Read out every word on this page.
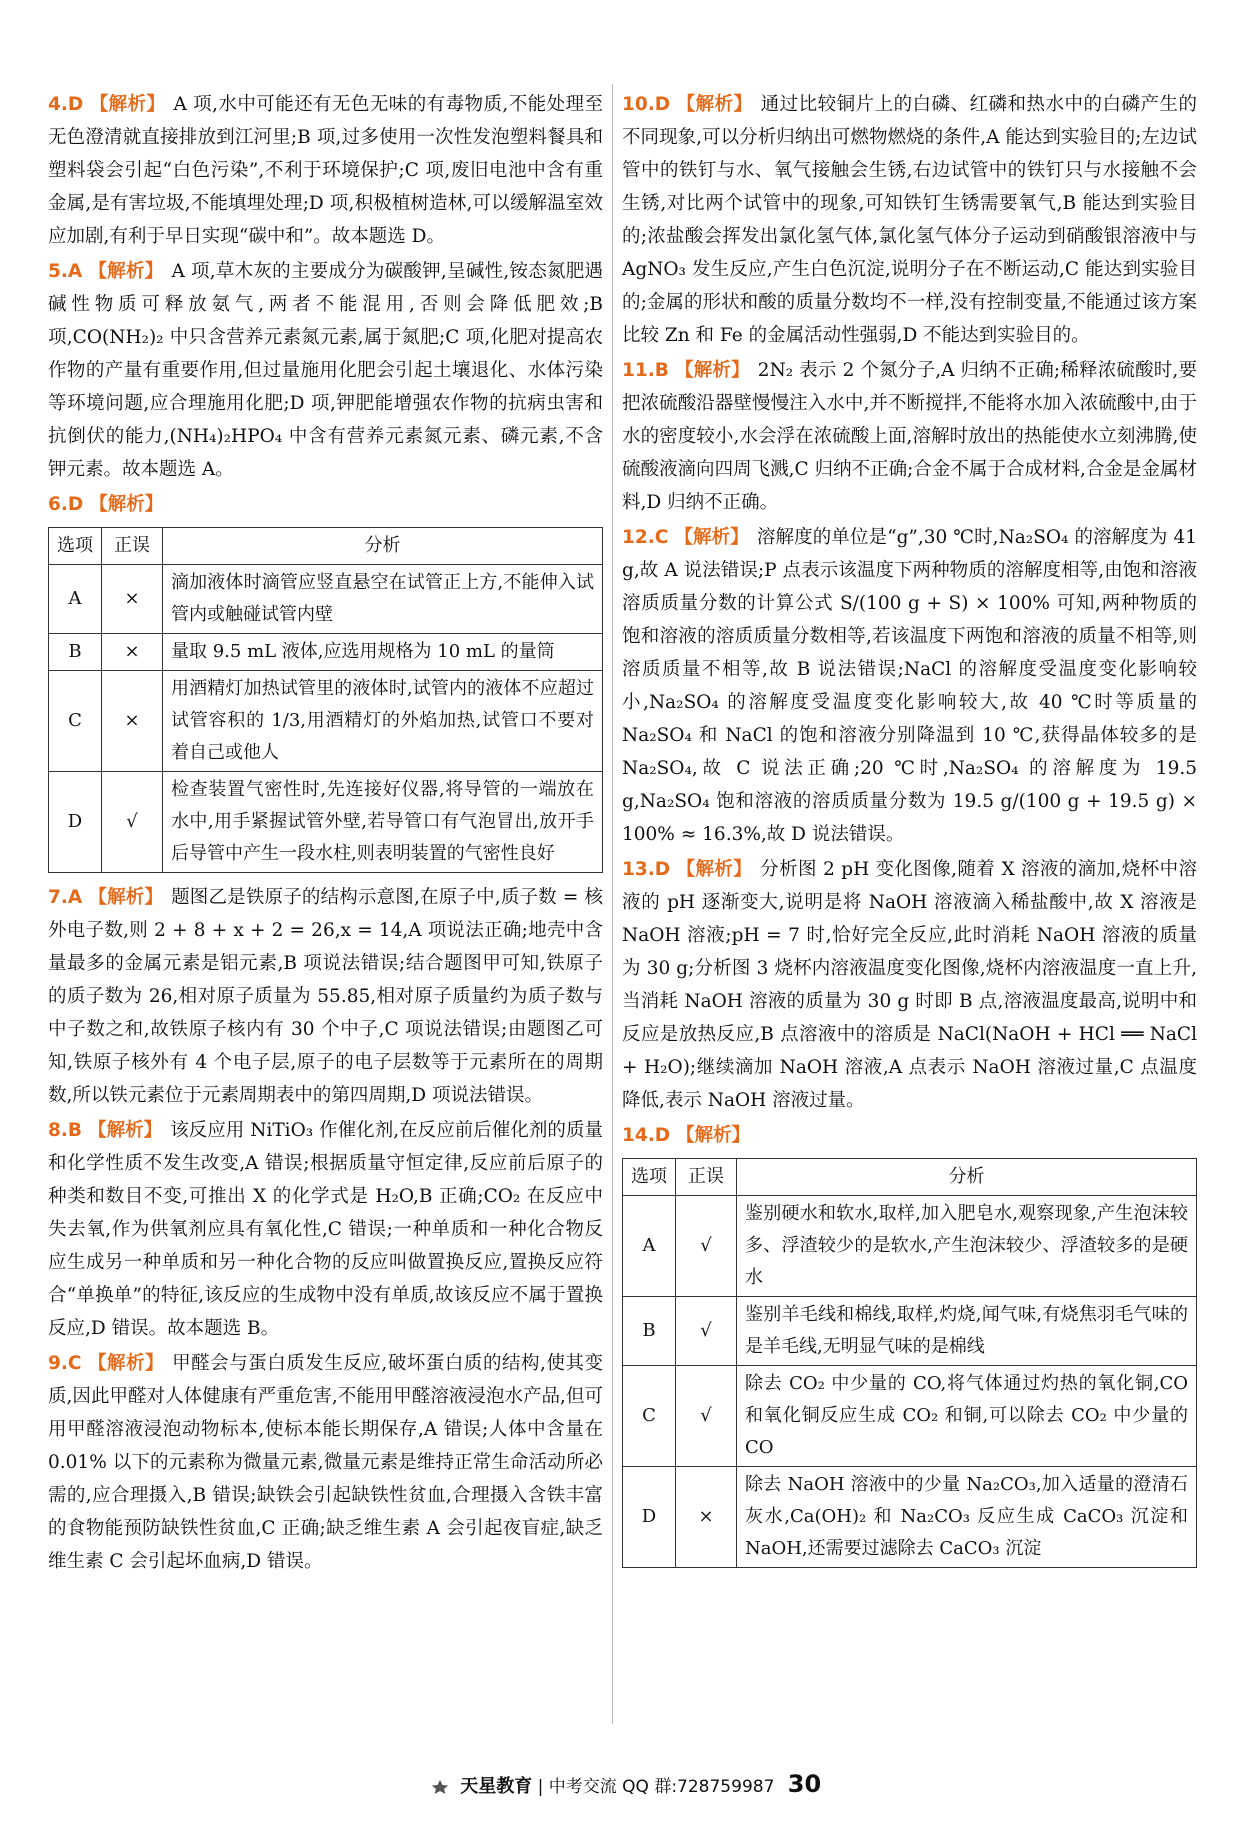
4.D 【解析】 A 项,水中可能还有无色无味的有毒物质,不能处理至无色澄清就直接排放到江河里;B 项,过多使用一次性发泡塑料餐具和塑料袋会引起“白色污染”,不利于环境保护;C 项,废旧电池中含有重金属,是有害垃圾,不能填埋处理;D 项,积极植树造林,可以缓解温室效应加剧,有利于早日实现“碳中和”。故本题选 D。
5.A 【解析】 A 项,草木灰的主要成分为碳酸钾,呈碱性,铵态氮肥遇碱性物质可释放氨气,两者不能混用,否则会降低肥效;B 项,CO(NH₂)₂ 中只含营养元素氮元素,属于氮肥;C 项,化肥对提高农作物的产量有重要作用,但过量施用化肥会引起土壤退化、水体污染等环境问题,应合理施用化肥;D 项,钾肥能增强农作物的抗病虫害和抗倒伏的能力,(NH₄)₂HPO₄ 中含有营养元素氮元素、磷元素,不含钾元素。故本题选 A。
6.D 【解析】
选项	正误	分析
A	×	滴加液体时滴管应竖直悬空在试管正上方,不能伸入试管内或触碰试管内壁
B	×	量取 9.5 mL 液体,应选用规格为 10 mL 的量筒
C	×	用酒精灯加热试管里的液体时,试管内的液体不应超过试管容积的 1/3,用酒精灯的外焰加热,试管口不要对着自己或他人
D	√	检查装置气密性时,先连接好仪器,将导管的一端放在水中,用手紧握试管外壁,若导管口有气泡冒出,放开手后导管中产生一段水柱,则表明装置的气密性良好
7.A 【解析】 题图乙是铁原子的结构示意图,在原子中,质子数 = 核外电子数,则 2 + 8 + x + 2 = 26,x = 14,A 项说法正确;地壳中含量最多的金属元素是铝元素,B 项说法错误;结合题图甲可知,铁原子的质子数为 26,相对原子质量为 55.85,相对原子质量约为质子数与中子数之和,故铁原子核内有 30 个中子,C 项说法错误;由题图乙可知,铁原子核外有 4 个电子层,原子的电子层数等于元素所在的周期数,所以铁元素位于元素周期表中的第四周期,D 项说法错误。
8.B 【解析】 该反应用 NiTiO₃ 作催化剂,在反应前后催化剂的质量和化学性质不发生改变,A 错误;根据质量守恒定律,反应前后原子的种类和数目不变,可推出 X 的化学式是 H₂O,B 正确;CO₂ 在反应中失去氧,作为供氧剂应具有氧化性,C 错误;一种单质和一种化合物反应生成另一种单质和另一种化合物的反应叫做置换反应,置换反应符合“单换单”的特征,该反应的生成物中没有单质,故该反应不属于置换反应,D 错误。故本题选 B。
9.C 【解析】 甲醛会与蛋白质发生反应,破坏蛋白质的结构,使其变质,因此甲醛对人体健康有严重危害,不能用甲醛溶液浸泡水产品,但可用甲醛溶液浸泡动物标本,使标本能长期保存,A 错误;人体中含量在 0.01% 以下的元素称为微量元素,微量元素是维持正常生命活动所必需的,应合理摄入,B 错误;缺铁会引起缺铁性贫血,合理摄入含铁丰富的食物能预防缺铁性贫血,C 正确;缺乏维生素 A 会引起夜盲症,缺乏维生素 C 会引起坏血病,D 错误。
10.D 【解析】 通过比较铜片上的白磷、红磷和热水中的白磷产生的不同现象,可以分析归纳出可燃物燃烧的条件,A 能达到实验目的;左边试管中的铁钉与水、氧气接触会生锈,右边试管中的铁钉只与水接触不会生锈,对比两个试管中的现象,可知铁钉生锈需要氧气,B 能达到实验目的;浓盐酸会挥发出氯化氢气体,氯化氢气体分子运动到硝酸银溶液中与 AgNO₃ 发生反应,产生白色沉淀,说明分子在不断运动,C 能达到实验目的;金属的形状和酸的质量分数均不一样,没有控制变量,不能通过该方案比较 Zn 和 Fe 的金属活动性强弱,D 不能达到实验目的。
11.B 【解析】 2N₂ 表示 2 个氮分子,A 归纳不正确;稀释浓硫酸时,要把浓硫酸沿器壁慢慢注入水中,并不断搅拌,不能将水加入浓硫酸中,由于水的密度较小,水会浮在浓硫酸上面,溶解时放出的热能使水立刻沸腾,使硫酸液滴向四周飞溅,C 归纳不正确;合金不属于合成材料,合金是金属材料,D 归纳不正确。
12.C 【解析】 溶解度的单位是“g”,30 ℃时,Na₂SO₄ 的溶解度为 41 g,故 A 说法错误;P 点表示该温度下两种物质的溶解度相等,由饱和溶液溶质质量分数的计算公式 S/(100 g + S) × 100% 可知,两种物质的饱和溶液的溶质质量分数相等,若该温度下两饱和溶液的质量不相等,则溶质质量不相等,故 B 说法错误;NaCl 的溶解度受温度变化影响较小,Na₂SO₄ 的溶解度受温度变化影响较大,故 40 ℃时等质量的 Na₂SO₄ 和 NaCl 的饱和溶液分别降温到 10 ℃,获得晶体较多的是 Na₂SO₄,故 C 说法正确;20 ℃时,Na₂SO₄ 的溶解度为 19.5 g,Na₂SO₄ 饱和溶液的溶质质量分数为 19.5 g/(100 g + 19.5 g) × 100% ≈ 16.3%,故 D 说法错误。
13.D 【解析】 分析图 2 pH 变化图像,随着 X 溶液的滴加,烧杯中溶液的 pH 逐渐变大,说明是将 NaOH 溶液滴入稀盐酸中,故 X 溶液是 NaOH 溶液;pH = 7 时,恰好完全反应,此时消耗 NaOH 溶液的质量为 30 g;分析图 3 烧杯内溶液温度变化图像,烧杯内溶液温度一直上升,当消耗 NaOH 溶液的质量为 30 g 时即 B 点,溶液温度最高,说明中和反应是放热反应,B 点溶液中的溶质是 NaCl(NaOH + HCl ══ NaCl + H₂O);继续滴加 NaOH 溶液,A 点表示 NaOH 溶液过量,C 点温度降低,表示 NaOH 溶液过量。
14.D 【解析】
选项	正误	分析
A	√	鉴别硬水和软水,取样,加入肥皂水,观察现象,产生泡沫较多、浮渣较少的是软水,产生泡沫较少、浮渣较多的是硬水
B	√	鉴别羊毛线和棉线,取样,灼烧,闻气味,有烧焦羽毛气味的是羊毛线,无明显气味的是棉线
C	√	除去 CO₂ 中少量的 CO,将气体通过灼热的氧化铜,CO 和氧化铜反应生成 CO₂ 和铜,可以除去 CO₂ 中少量的 CO
D	×	除去 NaOH 溶液中的少量 Na₂CO₃,加入适量的澄清石灰水,Ca(OH)₂ 和 Na₂CO₃ 反应生成 CaCO₃ 沉淀和 NaOH,还需要过滤除去 CaCO₃ 沉淀
天星教育 | 中考交流 QQ 群:728759987 30
